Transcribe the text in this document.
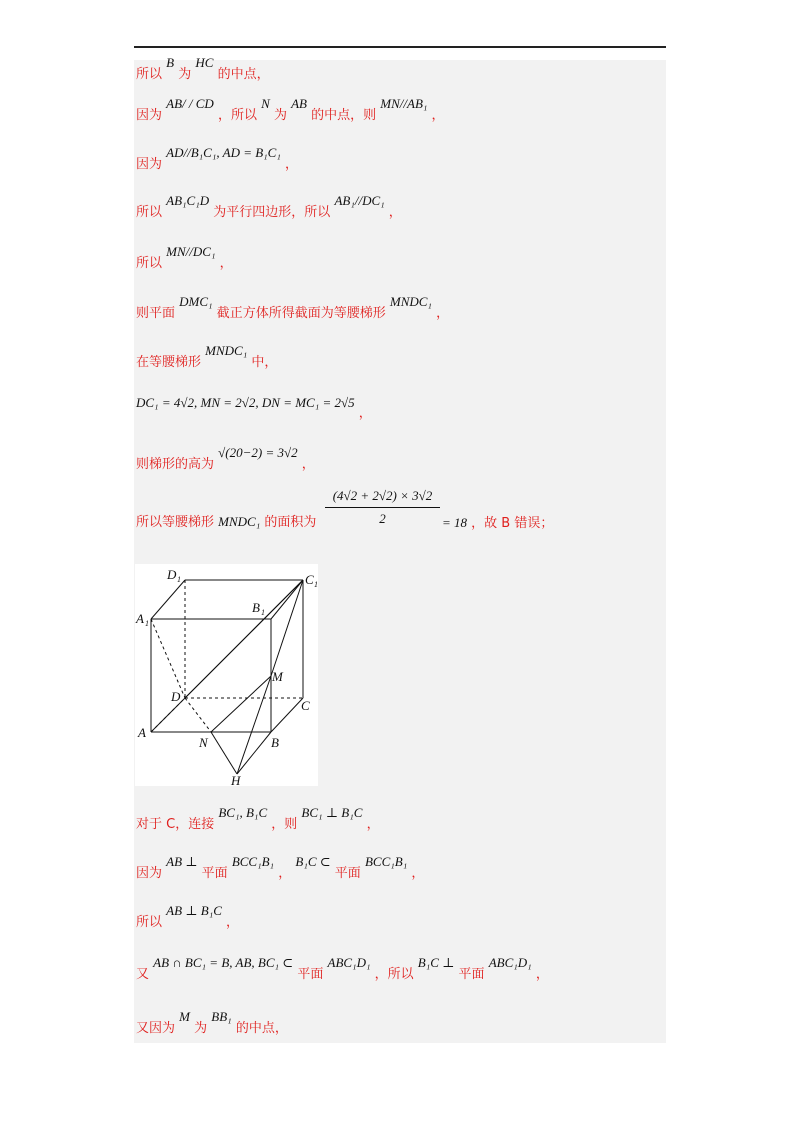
所以 B 为 HC 的中点，
因为 AB/ / CD ，所以 N 为 AB 的中点，则 MN//AB₁ ，
因为 AD//B₁C₁, AD = B₁C₁ ，
所以 AB₁C₁D 为平行四边形，所以 AB₁//DC₁ ，
所以 MN//DC₁ ，
则平面 DMC₁ 截正方体所得截面为等腰梯形 MNDC₁ ，
在等腰梯形 MNDC₁ 中，
DC₁ = 4√2, MN = 2√2, DN = MC₁ = 2√5 ，
则梯形的高为 √(20−2) = 3√2 ，
所以等腰梯形 MNDC₁ 的面积为 $\frac{(4√2 + 2√2) \times 3√2}{2} = 18$ ，故 B 错误；
D 1	C 1
A 1
B 1
M
D
C
A
N	B
H
对于 C，连接 BC₁, B₁C ，则 BC₁ ⊥ B₁C ，
因为 AB ⊥ 平面 BCC₁B₁ ， B₁C ⊂ 平面 BCC₁B₁ ，
所以 AB ⊥ B₁C ，
又 AB ∩ BC₁ = B, AB, BC₁ ⊂ 平面 ABC₁D₁ ，所以 B₁C ⊥ 平面 ABC₁D₁ ，
又因为 M 为 BB₁ 的中点，
